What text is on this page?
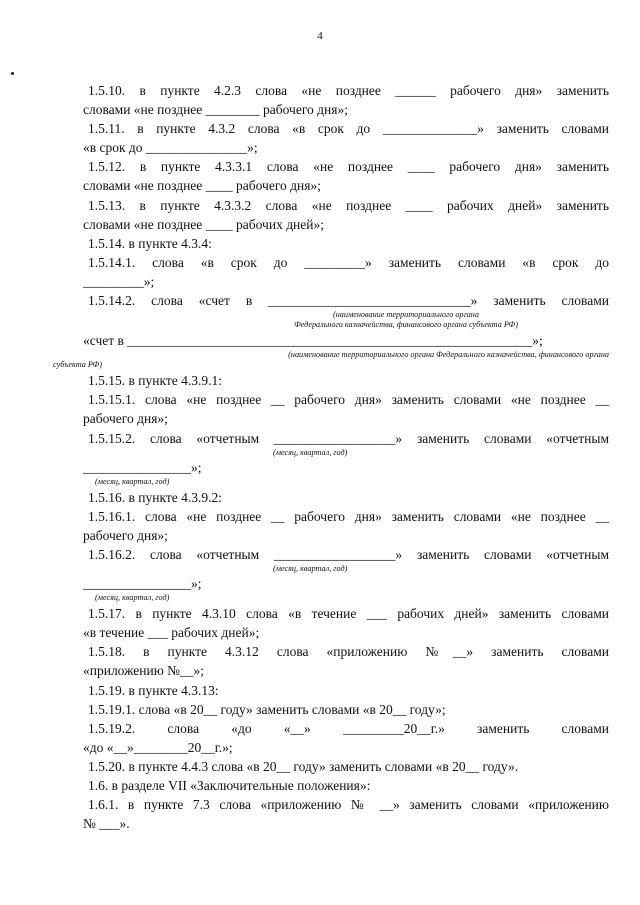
4

1.5.10. в пункте 4.2.3 слова «не позднее ______ рабочего дня» заменить

словами «не позднее ________ рабочего дня»;

1.5.11. в пункте 4.3.2 слова «в срок до ______________» заменить словами

«в срок до _______________»;

1.5.12. в пункте 4.3.3.1 слова «не позднее ____ рабочего дня» заменить

словами «не позднее ____ рабочего дня»;

1.5.13. в пункте 4.3.3.2 слова «не позднее ____ рабочих дней» заменить

словами «не позднее ____ рабочих дней»;

1.5.14. в пункте 4.3.4:

1.5.14.1. слова «в срок до _________» заменить словами «в срок до

_________»;

1.5.14.2. слова «счет в ______________________________» заменить словами

(наименование территориального органа

Федерального казначейства, финансового органа субъекта РФ)

«счет в ____________________________________________________________»;

(наименование территориального органа Федерального казначейства, финансового органа

субъекта РФ)

1.5.15. в пункте 4.3.9.1:

1.5.15.1. слова «не позднее __ рабочего дня» заменить словами «не позднее __

рабочего дня»;

1.5.15.2. слова «отчетным __________________» заменить словами «отчетным

(месяц, квартал, год)

________________»;

(месяц, квартал, год)

1.5.16. в пункте 4.3.9.2:

1.5.16.1. слова «не позднее __ рабочего дня» заменить словами «не позднее __

рабочего дня»;

1.5.16.2. слова «отчетным __________________» заменить словами «отчетным

(месяц, квартал, год)

________________»;

(месяц, квартал, год)

1.5.17. в пункте 4.3.10 слова «в течение ___ рабочих дней» заменить словами

«в течение ___ рабочих дней»;

1.5.18. в пункте 4.3.12 слова «приложению №__» заменить словами

«приложению №__»;

1.5.19. в пункте 4.3.13:

1.5.19.1. слова «в 20__ году» заменить словами «в 20__ году»;

1.5.19.2. слова «до «__» _________20__г.» заменить словами

«до «__»________20__г.»;

1.5.20. в пункте 4.4.3 слова «в 20__ году» заменить словами «в 20__ году».

1.6. в разделе VII «Заключительные положения»:

1.6.1. в пункте 7.3 слова «приложению № __» заменить словами «приложению

№ ___».
